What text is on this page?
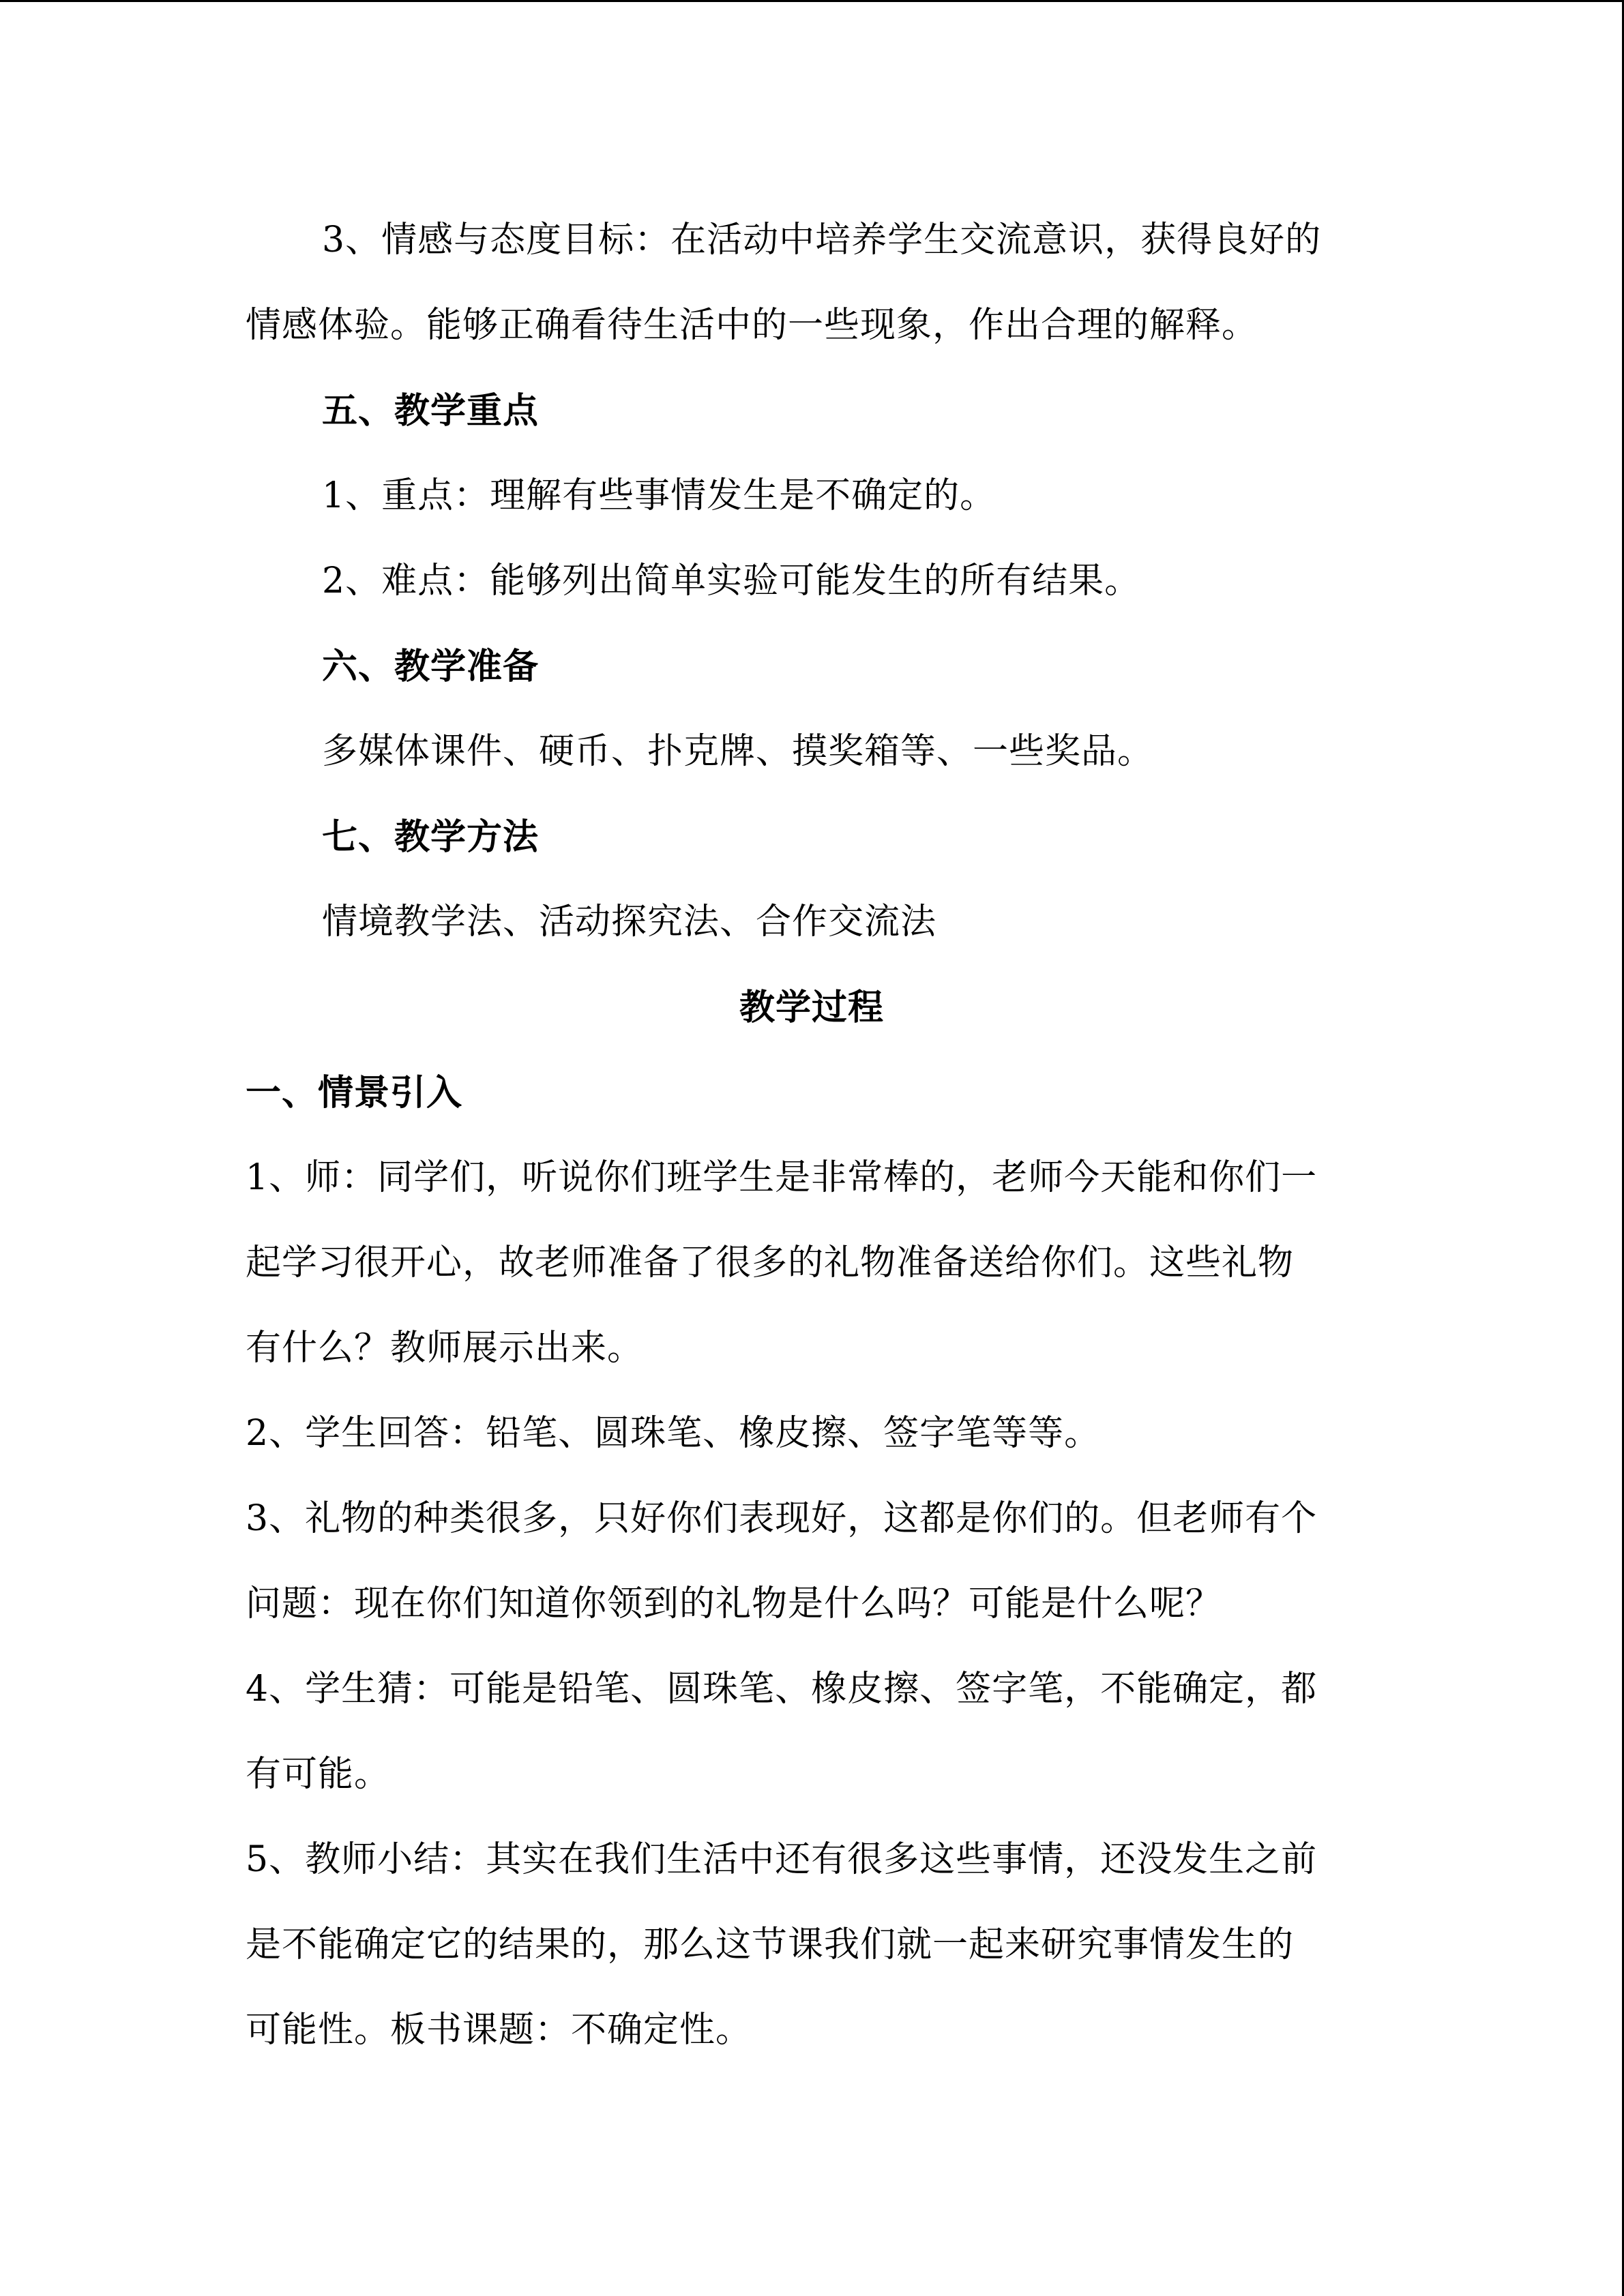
3、情感与态度目标：在活动中培养学生交流意识，获得良好的
情感体验。能够正确看待生活中的一些现象，作出合理的解释。
五、教学重点
1、重点：理解有些事情发生是不确定的。
2、难点：能够列出简单实验可能发生的所有结果。
六、教学准备
多媒体课件、硬币、扑克牌、摸奖箱等、一些奖品。
七、教学方法
情境教学法、活动探究法、合作交流法
教学过程
一、情景引入
1、师：同学们，听说你们班学生是非常棒的，老师今天能和你们一
起学习很开心，故老师准备了很多的礼物准备送给你们。这些礼物
有什么？教师展示出来。
2、学生回答：铅笔、圆珠笔、橡皮擦、签字笔等等。
3、礼物的种类很多，只好你们表现好，这都是你们的。但老师有个
问题：现在你们知道你领到的礼物是什么吗？可能是什么呢？
4、学生猜：可能是铅笔、圆珠笔、橡皮擦、签字笔，不能确定，都
有可能。
5、教师小结：其实在我们生活中还有很多这些事情，还没发生之前
是不能确定它的结果的，那么这节课我们就一起来研究事情发生的
可能性。板书课题：不确定性。
